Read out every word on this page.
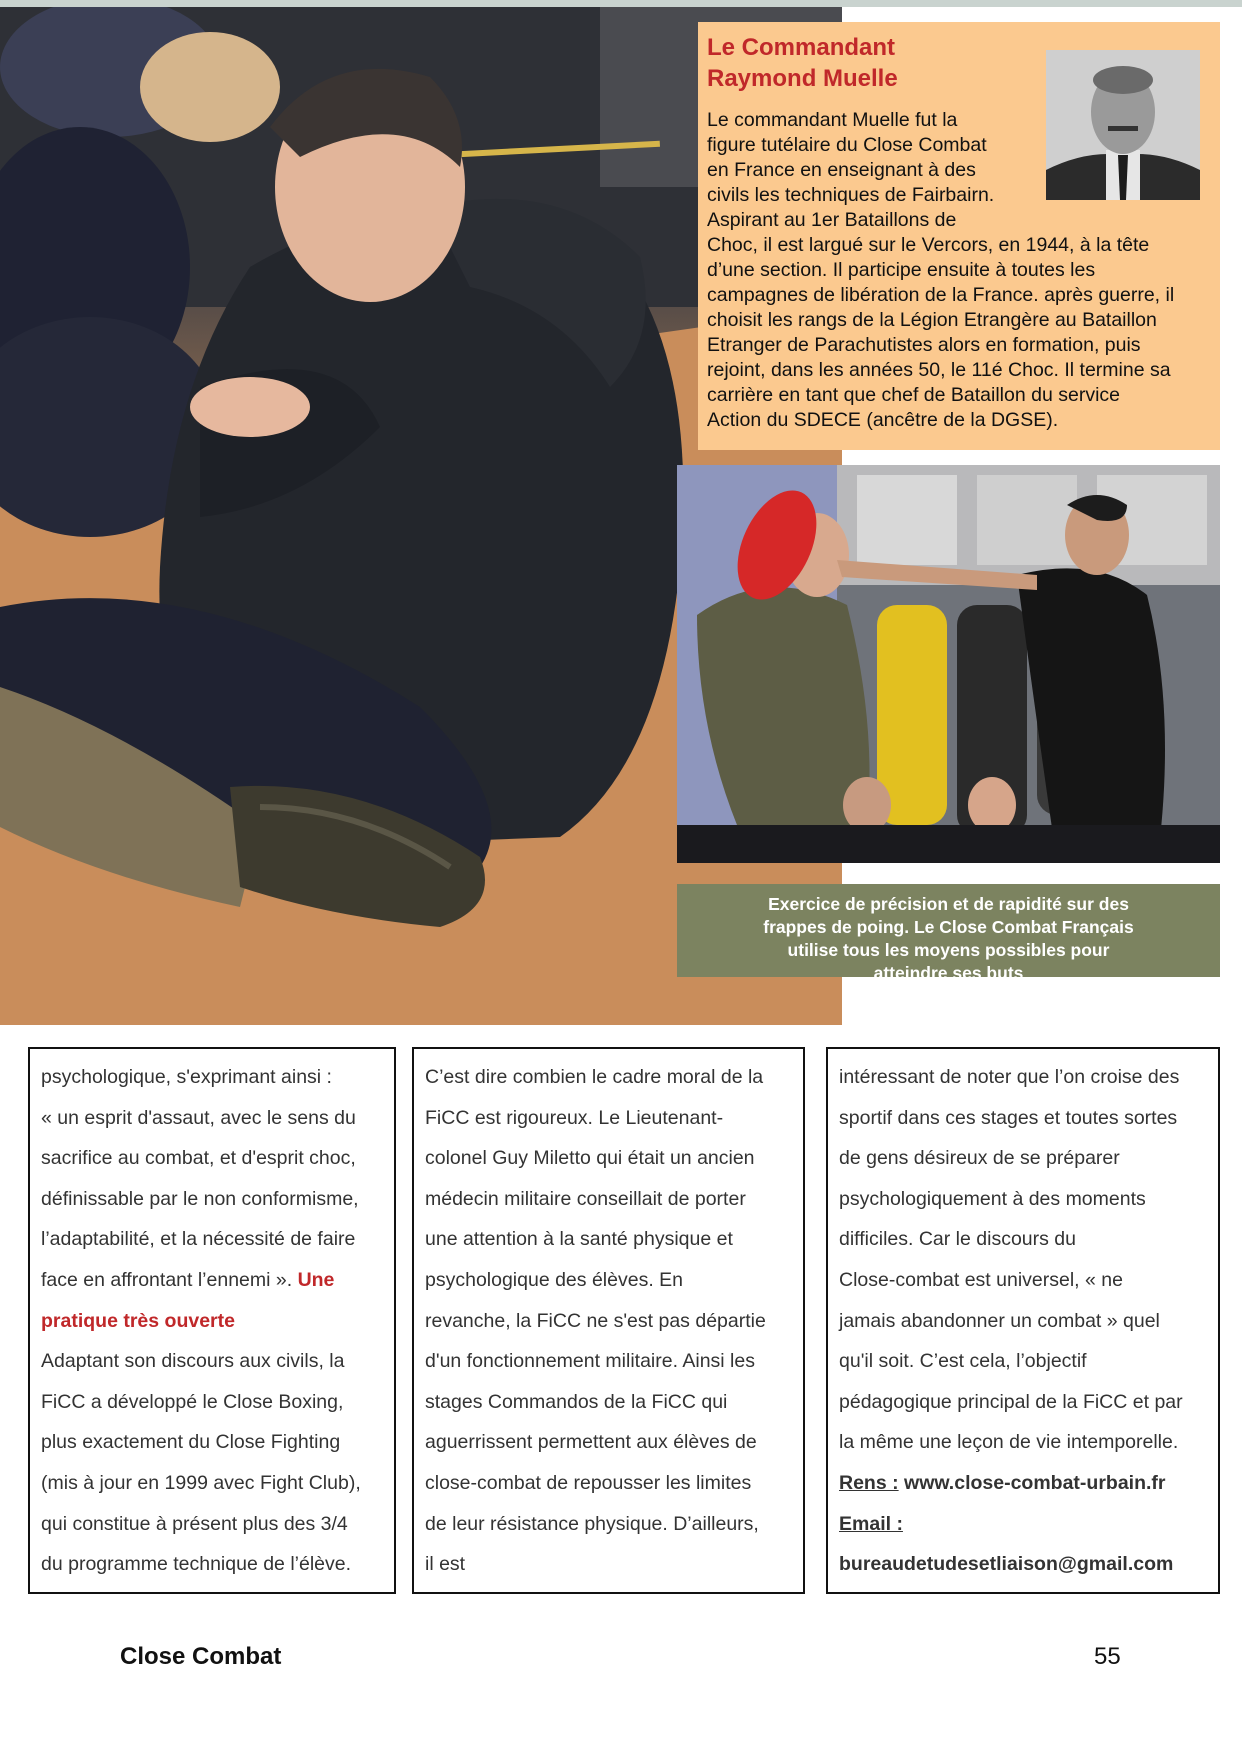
Le Commandant
Raymond Muelle
Le commandant Muelle fut la
figure tutélaire du Close Combat
en France en enseignant à des
civils les techniques de Fairbairn.
Aspirant au 1er Bataillons de
Choc, il est largué sur le Vercors, en 1944, à la tête
d’une section. Il participe ensuite à toutes les
campagnes de libération de la France. après guerre, il
choisit les rangs de la Légion Etrangère au Bataillon
Etranger de Parachutistes alors en formation, puis
rejoint, dans les années 50, le 11é Choc. Il termine sa
carrière en tant que chef de Bataillon du service
Action du SDECE (ancêtre de la DGSE).
Exercice de précision et de rapidité sur des
frappes de poing. Le Close Combat Français
utilise tous les moyens possibles pour
atteindre ses buts

psychologique, s'exprimant ainsi :

« un esprit d'assaut, avec le sens du

sacrifice au combat, et d'esprit choc,

définissable par le non conformisme,

l’adaptabilité, et la nécessité de faire

face en affrontant l’ennemi ». Une

pratique très ouverte

Adaptant son discours aux civils, la

FiCC a développé le Close Boxing,

plus exactement du Close Fighting

(mis à jour en 1999 avec Fight Club),

qui constitue à présent plus des 3/4

du programme technique de l’élève.

C’est dire combien le cadre moral de la

FiCC est rigoureux. Le Lieutenant-

colonel Guy Miletto qui était un ancien

médecin militaire conseillait de porter

une attention à la santé physique et

psychologique des élèves. En

revanche, la FiCC ne s'est pas départie

d'un fonctionnement militaire. Ainsi les

stages Commandos de la FiCC qui

aguerrissent permettent aux élèves de

close-combat de repousser les limites

de leur résistance physique. D’ailleurs,

il est

intéressant de noter que l’on croise des

sportif dans ces stages et toutes sortes

de gens désireux de se préparer

psychologiquement à des moments

difficiles. Car le discours du

Close-combat est universel, « ne

jamais abandonner un combat » quel

qu'il soit. C’est cela, l’objectif

pédagogique principal de la FiCC et par

la même une leçon de vie intemporelle.

Rens : www.close-combat-urbain.fr

Email :

bureaudetudesetliaison@gmail.com

Close Combat	55
